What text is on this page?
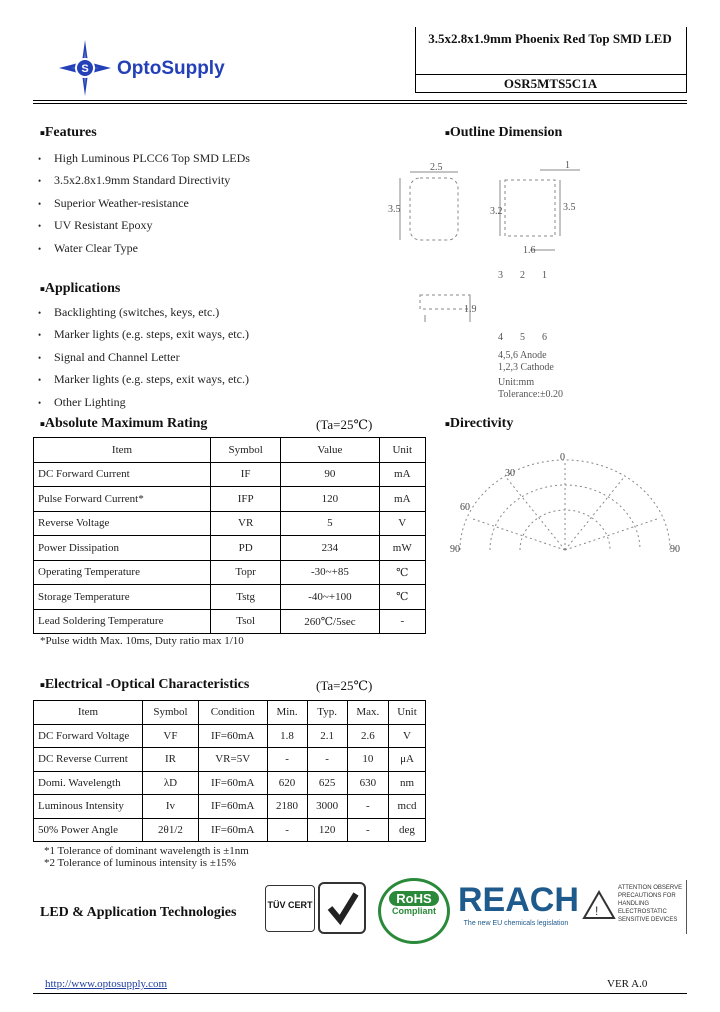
S OptoSupply
3.5x2.8x1.9mm Phoenix Red Top SMD LED
OSR5MTS5C1A
■Features
• High Luminous PLCC6 Top SMD LEDs
• 3.5x2.8x1.9mm Standard Directivity
• Superior Weather-resistance
• UV Resistant Epoxy
• Water Clear Type
■Applications
• Backlighting (switches, keys, etc.)
• Marker lights (e.g. steps, exit ways, etc.)
• Signal and Channel Letter
• Marker lights (e.g. steps, exit ways, etc.)
• Other Lighting
■Outline Dimension
2.5
3.5
1
3.2	3.5
1.6
1.9
3 2 1
4 5 6
4,5,6 Anode
1,2,3 Cathode
Unit:mm
Tolerance:±0.20
■Absolute Maximum Rating	(Ta=25℃)
Item	Symbol	Value	Unit
DC Forward Current	IF	90	mA
Pulse Forward Current*	IFP	120	mA
Reverse Voltage	VR	5	V
Power Dissipation	PD	234	mW
Operating Temperature	Topr	-30~+85	℃
Storage Temperature	Tstg	-40~+100	℃
Lead Soldering Temperature	Tsol	260℃/5sec	-
*Pulse width Max. 10ms, Duty ratio max 1/10
■Directivity
0
30
60
90	90
■Electrical -Optical Characteristics	(Ta=25℃)
Item	Symbol	Condition	Min.	Typ.	Max.	Unit
DC Forward Voltage	VF	IF=60mA	1.8	2.1	2.6	V
DC Reverse Current	IR	VR=5V	-	-	10	μA
Domi. Wavelength	λD	IF=60mA	620	625	630	nm
Luminous Intensity	Iv	IF=60mA	2180	3000	-	mcd
50% Power Angle	2θ1/2	IF=60mA	-	120	-	deg
*1 Tolerance of dominant wavelength is ±1nm
*2 Tolerance of luminous intensity is ±15%
LED & Application Technologies	TÜV CERT	RoHS
Compliant REACH
The new EU chemicals legislation
!
ATTENTION OBSERVE PRECAUTIONS FOR HANDLING ELECTROSTATIC SENSITIVE DEVICES
http://www.optosupply.com	VER A.0
